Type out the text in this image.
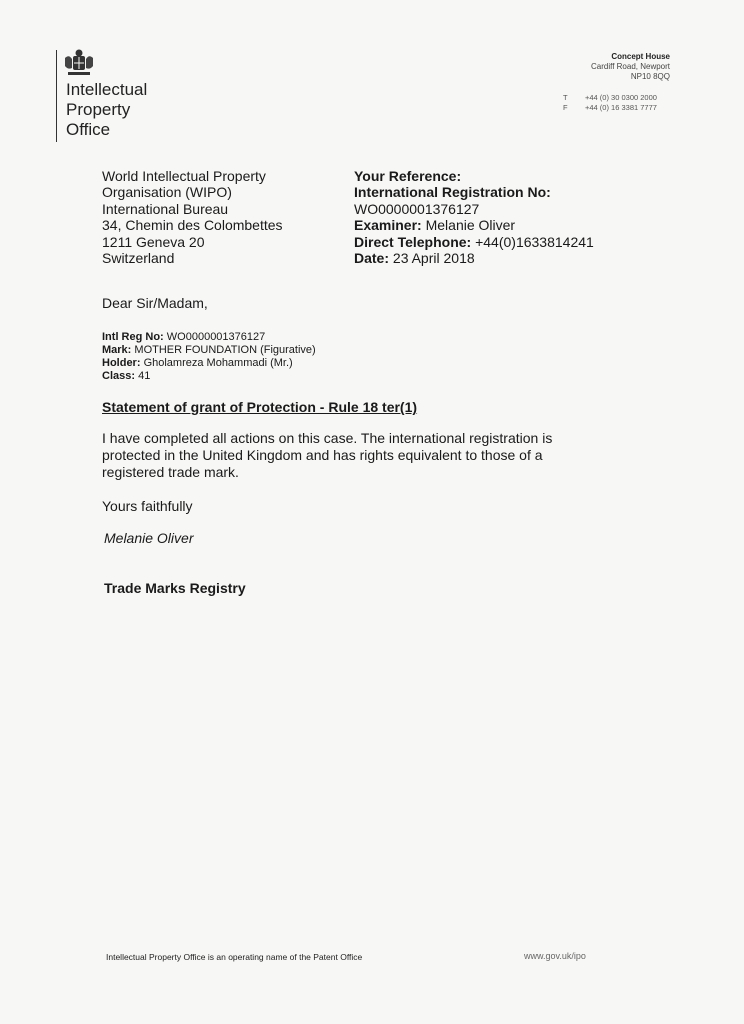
Intellectual
Property
Office
Concept House
Cardiff Road, Newport
NP10 8QQ
T	+44 (0) 30 0300 2000
F	+44 (0) 16 3381 7777
World Intellectual Property
Organisation (WIPO)
International Bureau
34, Chemin des Colombettes
1211 Geneva 20
Switzerland
Your Reference:
International Registration No:
WO0000001376127
Examiner: Melanie Oliver
Direct Telephone: +44(0)1633814241
Date: 23 April 2018
Dear Sir/Madam,
Intl Reg No: WO0000001376127
Mark: MOTHER FOUNDATION (Figurative)
Holder: Gholamreza Mohammadi (Mr.)
Class: 41
Statement of grant of Protection - Rule 18 ter(1)
I have completed all actions on this case. The international registration is protected in the United Kingdom and has rights equivalent to those of a registered trade mark.
Yours faithfully
Melanie Oliver
Trade Marks Registry
Intellectual Property Office is an operating name of the Patent Office	www.gov.uk/ipo
